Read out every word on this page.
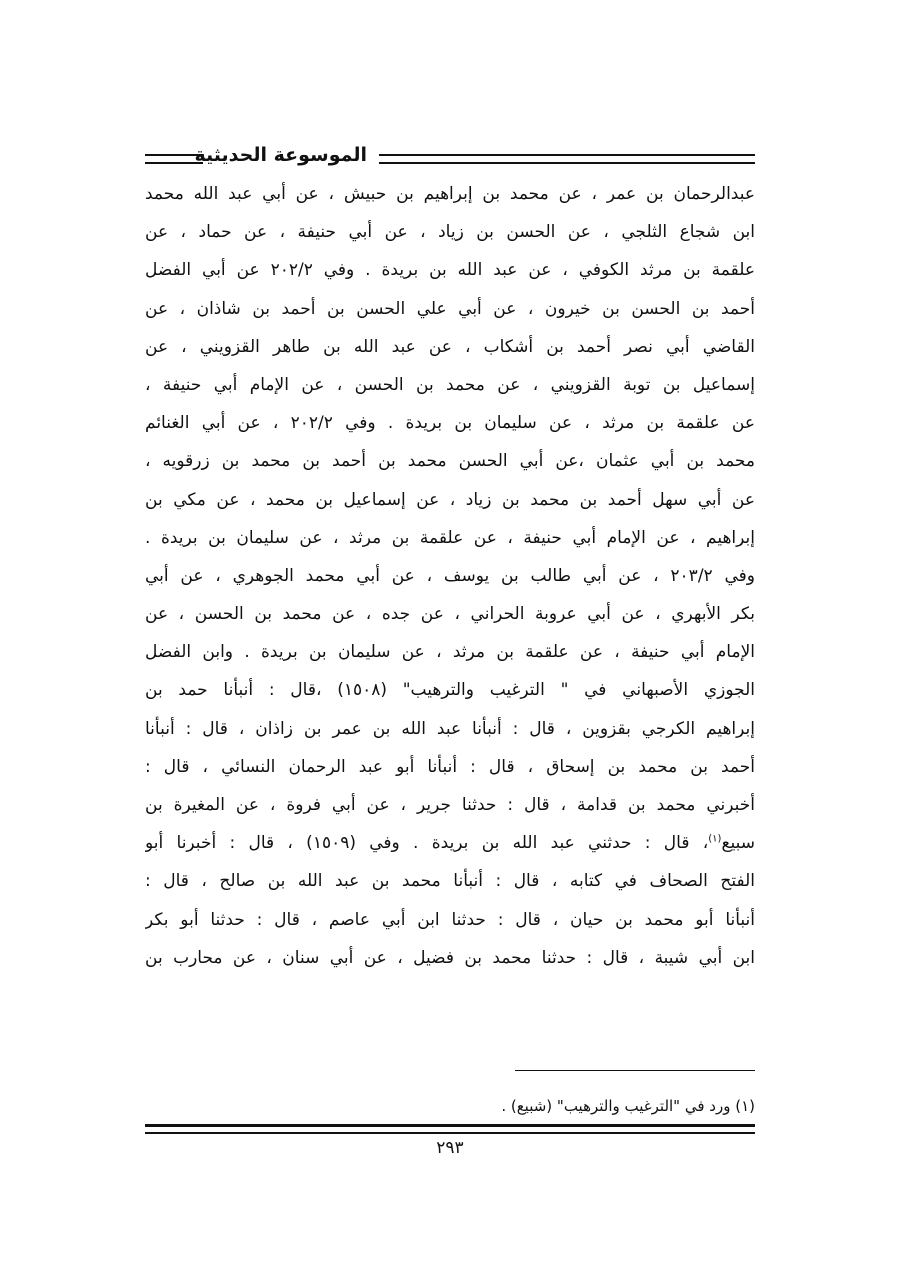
الموسوعة الحديثية
عبدالرحمان بن عمر ، عن محمد بن إبراهيم بن حبيش ، عن أبي عبد الله محمد
ابن شجاع الثلجي ، عن الحسن بن زياد ، عن أبي حنيفة ، عن حماد ، عن
علقمة بن مرثد الكوفي ، عن عبد الله بن بريدة . وفي ٢٠٢/٢ عن أبي الفضل
أحمد بن الحسن بن خيرون ، عن أبي علي الحسن بن أحمد بن شاذان ، عن
القاضي أبي نصر أحمد بن أشكاب ، عن عبد الله بن طاهر القزويني ، عن
إسماعيل بن توبة القزويني ، عن محمد بن الحسن ، عن الإمام أبي حنيفة ،
عن علقمة بن مرثد ، عن سليمان بن بريدة . وفي ٢٠٢/٢ ، عن أبي الغنائم
محمد بن أبي عثمان ،عن أبي الحسن محمد بن أحمد بن محمد بن زرقويه ،
عن أبي سهل أحمد بن محمد بن زياد ، عن إسماعيل بن محمد ، عن مكي بن
إبراهيم ، عن الإمام أبي حنيفة ، عن علقمة بن مرثد ، عن سليمان بن بريدة .
وفي ٢٠٣/٢ ، عن أبي طالب بن يوسف ، عن أبي محمد الجوهري ، عن أبي
بكر الأبهري ، عن أبي عروبة الحراني ، عن جده ، عن محمد بن الحسن ، عن
الإمام أبي حنيفة ، عن علقمة بن مرثد ، عن سليمان بن بريدة . وابن الفضل
الجوزي الأصبهاني في " الترغيب والترهيب" (١٥٠٨) ،قال : أنبأنا حمد بن
إبراهيم الكرجي بقزوين ، قال : أنبأنا عبد الله بن عمر بن زاذان ، قال : أنبأنا
أحمد بن محمد بن إسحاق ، قال : أنبأنا أبو عبد الرحمان النسائي ، قال :
أخبرني محمد بن قدامة ، قال : حدثنا جرير ، عن أبي فروة ، عن المغيرة بن
سبيع$^{(١)}$، قال : حدثني عبد الله بن بريدة . وفي (١٥٠٩) ، قال : أخبرنا أبو
الفتح الصحاف في كتابه ، قال : أنبأنا محمد بن عبد الله بن صالح ، قال :
أنبأنا أبو محمد بن حيان ، قال : حدثنا ابن أبي عاصم ، قال : حدثنا أبو بكر
ابن أبي شيبة ، قال : حدثنا محمد بن فضيل ، عن أبي سنان ، عن محارب بن
(١) ورد في "الترغيب والترهيب" (شبيع) .
٢٩٣
